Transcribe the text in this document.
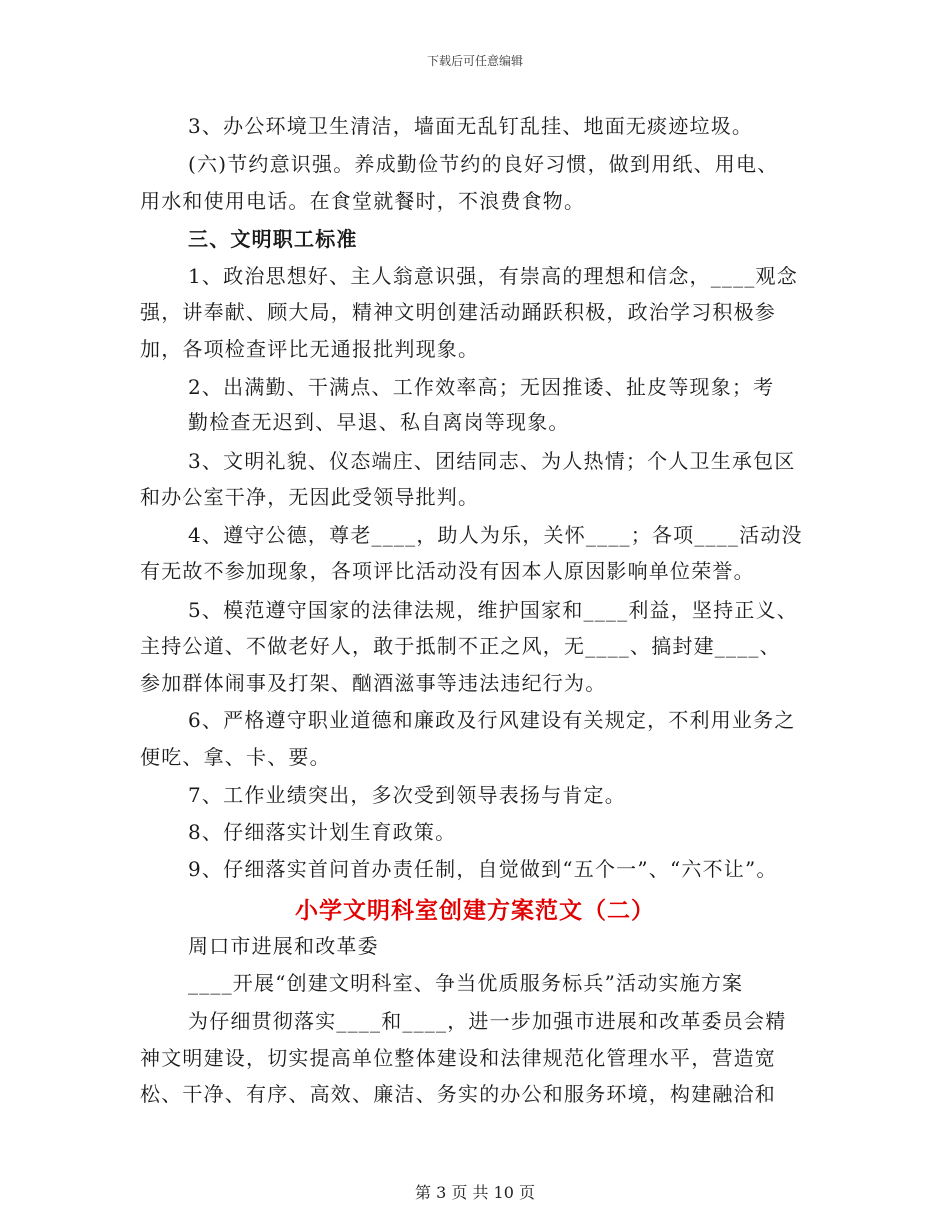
下载后可任意编辑
3、办公环境卫生清洁，墙面无乱钉乱挂、地面无痰迹垃圾。
(六)节约意识强。养成勤俭节约的良好习惯，做到用纸、用电、
用水和使用电话。在食堂就餐时，不浪费食物。
三、文明职工标准
1、政治思想好、主人翁意识强，有崇高的理想和信念，____观念
强，讲奉献、顾大局，精神文明创建活动踊跃积极，政治学习积极参
加，各项检查评比无通报批判现象。
2、出满勤、干满点、工作效率高；无因推诿、扯皮等现象；考
勤检查无迟到、早退、私自离岗等现象。
3、文明礼貌、仪态端庄、团结同志、为人热情；个人卫生承包区
和办公室干净，无因此受领导批判。
4、遵守公德，尊老____，助人为乐，关怀____；各项____活动没
有无故不参加现象，各项评比活动没有因本人原因影响单位荣誉。
5、模范遵守国家的法律法规，维护国家和____利益，坚持正义、
主持公道、不做老好人，敢于抵制不正之风，无____、搞封建____、
参加群体闹事及打架、酗酒滋事等违法违纪行为。
6、严格遵守职业道德和廉政及行风建设有关规定，不利用业务之
便吃、拿、卡、要。
7、工作业绩突出，多次受到领导表扬与肯定。
8、仔细落实计划生育政策。
9、仔细落实首问首办责任制，自觉做到“五个一”、“六不让”。
小学文明科室创建方案范文（二）
周口市进展和改革委
____开展“创建文明科室、争当优质服务标兵”活动实施方案
为仔细贯彻落实____和____，进一步加强市进展和改革委员会精
神文明建设，切实提高单位整体建设和法律规范化管理水平，营造宽
松、干净、有序、高效、廉洁、务实的办公和服务环境，构建融洽和
第 3 页 共 10 页
